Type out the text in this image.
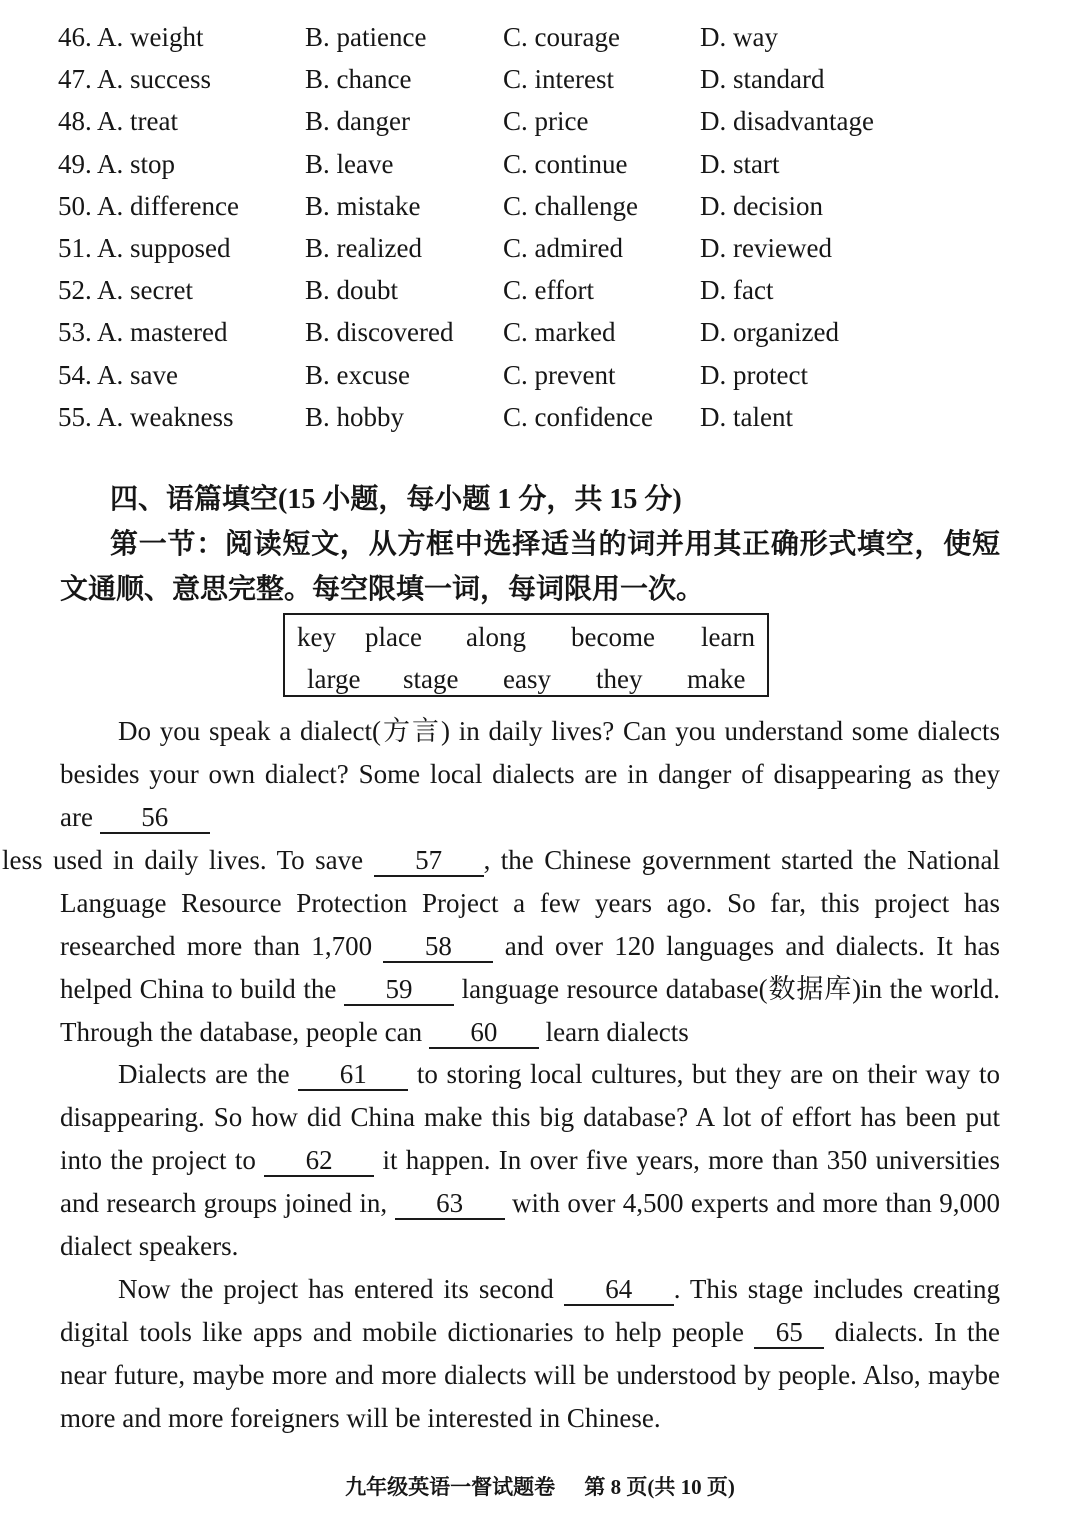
46. A. weight	B. patience	C. courage	D. way
47. A. success	B. chance	C. interest	D. standard
48. A. treat	B. danger	C. price	D. disadvantage
49. A. stop	B. leave	C. continue	D. start
50. A. difference B. mistake	C. challenge D. decision
51. A. supposed	B. realized	C. admired	D. reviewed
52. A. secret	B. doubt	C. effort	D. fact
53. A. mastered	B. discovered C. marked	D. organized
54. A. save	B. excuse	C. prevent	D. protect
55. A. weakness	B. hobby	C. confidence D. talent
四、语篇填空(15 小题，每小题 1 分，共 15 分)
第一节：阅读短文，从方框中选择适当的词并用其正确形式填空，使短文通顺、意思完整。每空限填一词，每词限用一次。
key place along become learn
large stage easy they make

Do you speak a dialect(方言) in daily lives? Can you understand some dialects besides your own dialect? Some local dialects are in danger of disappearing as they are 56
less used in daily lives. To save 57 , the Chinese government started the National Language Resource Protection Project a few years ago. So far, this project has researched more than 1,700 58 and over 120 languages and dialects. It has helped China to build the 59 language resource database(数据库)in the world. Through the database, people can 60 learn dialects

Dialects are the 61 to storing local cultures, but they are on their way to disappearing. So how did China make this big database? A lot of effort has been put into the project to 62 it happen. In over five years, more than 350 universities and research groups joined in, 63 with over 4,500 experts and more than 9,000 dialect speakers.

Now the project has entered its second 64 . This stage includes creating digital tools like apps and mobile dictionaries to help people 65 dialects. In the near future, maybe more and more dialects will be understood by people. Also, maybe more and more foreigners will be interested in Chinese.

九年级英语一督试题卷 第 8 页(共 10 页)
